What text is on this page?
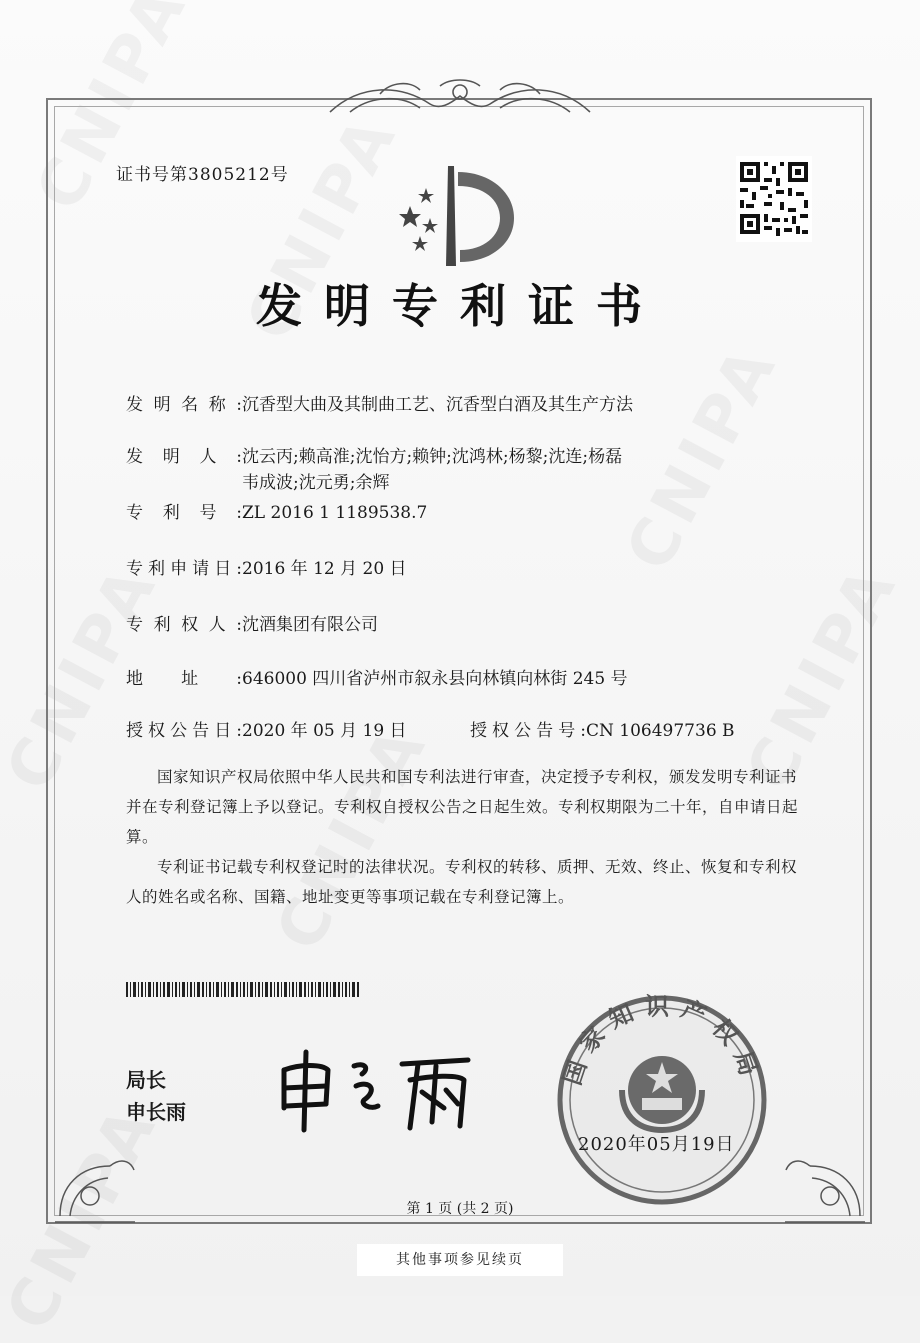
证书号第3805212号
发明专利证书
发明名称:沉香型大曲及其制曲工艺、沉香型白酒及其生产方法
发明人:沈云丙;赖高淮;沈怡方;赖钟;沈鸿林;杨黎;沈连;杨磊
韦成波;沈元勇;余辉
专利号:ZL 2016 1 1189538.7
专利申请日:2016 年 12 月 20 日
专利权人:沈酒集团有限公司
地址:646000 四川省泸州市叙永县向林镇向林街 245 号
授权公告日:2020 年 05 月 19 日	授权公告号:CN 106497736 B

国家知识产权局依照中华人民共和国专利法进行审查，决定授予专利权，颁发发明专利证书并在专利登记簿上予以登记。专利权自授权公告之日起生效。专利权期限为二十年，自申请日起算。

专利证书记载专利权登记时的法律状况。专利权的转移、质押、无效、终止、恢复和专利权人的姓名或名称、国籍、地址变更等事项记载在专利登记簿上。

局长
申长雨
国家知识产权局
2020年05月19日
第 1 页 (共 2 页)
其他事项参见续页
